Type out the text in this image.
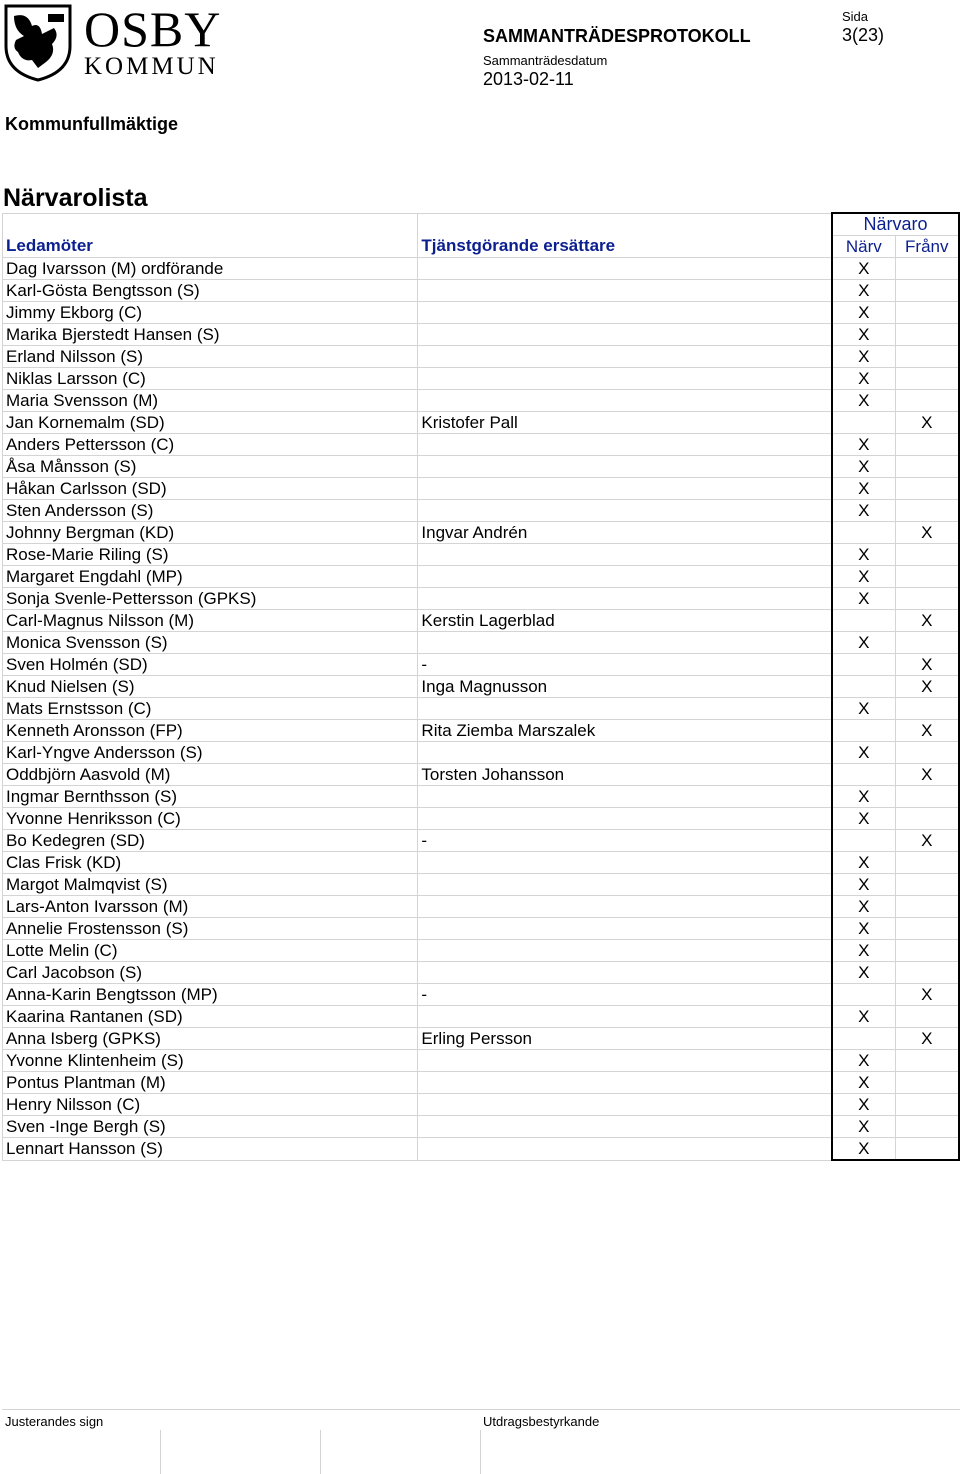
OSBY
KOMMUN
SAMMANTRÄDESPROTOKOLL
Sammanträdesdatum
2013-02-11
Sida
3(23)
Kommunfullmäktige
Närvarolista
Ledamöter	Tjänstgörande ersättare	Närvaro	
		Närv	Frånv
Dag Ivarsson (M) ordförande		X	
Karl-Gösta Bengtsson (S)		X	
Jimmy Ekborg (C)		X	
Marika Bjerstedt Hansen (S)		X	
Erland Nilsson (S)		X	
Niklas Larsson (C)		X	
Maria Svensson (M)		X	
Jan Kornemalm (SD)	Kristofer Pall		X
Anders Pettersson (C)		X	
Åsa Månsson (S)		X	
Håkan Carlsson (SD)		X	
Sten Andersson (S)		X	
Johnny Bergman (KD)	Ingvar Andrén		X
Rose-Marie Riling (S)		X	
Margaret Engdahl (MP)		X	
Sonja Svenle-Pettersson (GPKS)		X	
Carl-Magnus Nilsson (M)	Kerstin Lagerblad		X
Monica Svensson (S)		X	
Sven Holmén (SD)	-		X
Knud Nielsen (S)	Inga Magnusson		X
Mats Ernstsson (C)		X	
Kenneth Aronsson (FP)	Rita Ziemba Marszalek		X
Karl-Yngve Andersson (S)		X	
Oddbjörn Aasvold (M)	Torsten Johansson		X
Ingmar Bernthsson (S)		X	
Yvonne Henriksson (C)		X	
Bo Kedegren (SD)	-		X
Clas Frisk (KD)		X	
Margot Malmqvist (S)		X	
Lars-Anton Ivarsson (M)		X	
Annelie Frostensson (S)		X	
Lotte Melin (C)		X	
Carl Jacobson (S)		X	
Anna-Karin Bengtsson (MP)	-		X
Kaarina Rantanen (SD)		X	
Anna Isberg (GPKS)	Erling Persson		X
Yvonne Klintenheim (S)		X	
Pontus Plantman (M)		X	
Henry Nilsson (C)		X	
Sven -Inge Bergh (S)		X	
Lennart Hansson (S)		X	
Justerandes sign	Utdragsbestyrkande
